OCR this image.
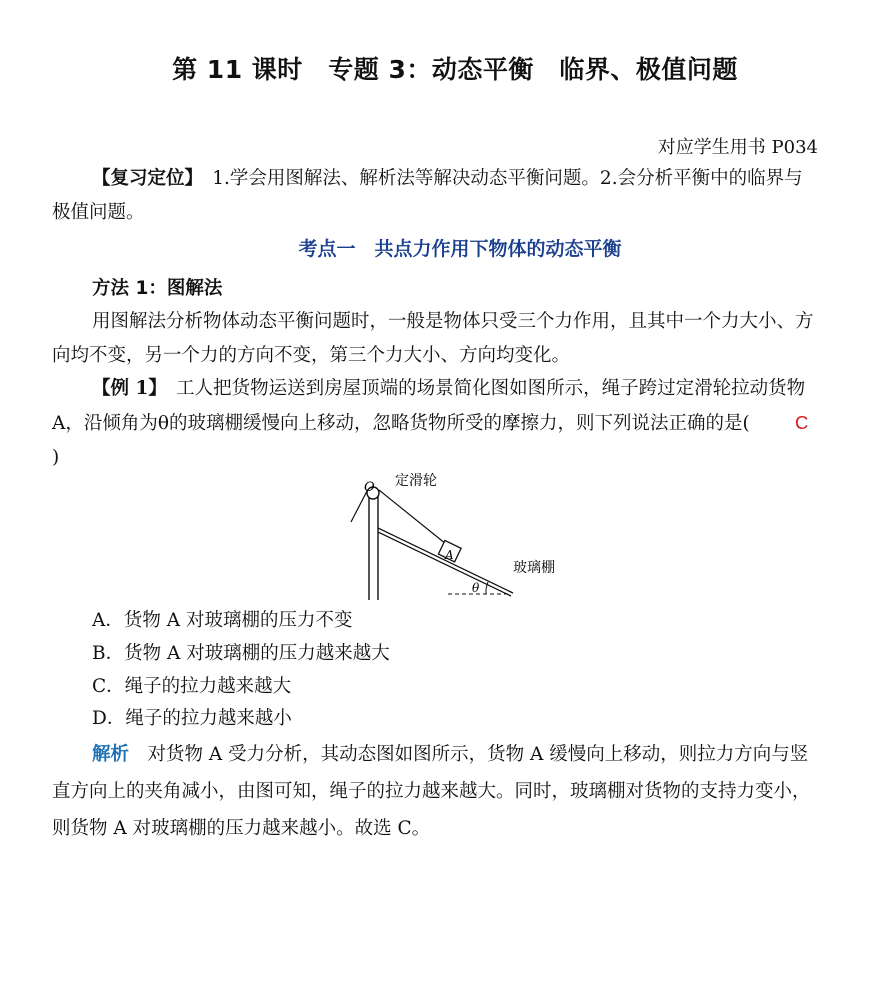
第 11 课时　专题 3：动态平衡　临界、极值问题
对应学生用书 P034
【复习定位】　1.学会用图解法、解析法等解决动态平衡问题。2.会分析平衡中的临界与极值问题。
考点一　共点力作用下物体的动态平衡
方法 1：图解法
用图解法分析物体动态平衡问题时，一般是物体只受三个力作用，且其中一个力大小、方向均不变，另一个力的方向不变，第三个力大小、方向均变化。
【例 1】　工人把货物运送到房屋顶端的场景简化图如图所示，绳子跨过定滑轮拉动货物 A，沿倾角为θ的玻璃棚缓慢向上移动，忽略货物所受的摩擦力，则下列说法正确的是( C)
A
θ
O 定滑轮
玻璃棚
A．货物 A 对玻璃棚的压力不变
B．货物 A 对玻璃棚的压力越来越大
C．绳子的拉力越来越大
D．绳子的拉力越来越小
解析　对货物 A 受力分析，其动态图如图所示，货物 A 缓慢向上移动，则拉力方向与竖直方向上的夹角减小，由图可知，绳子的拉力越来越大。同时，玻璃棚对货物的支持力变小，则货物 A 对玻璃棚的压力越来越小。故选 C。
